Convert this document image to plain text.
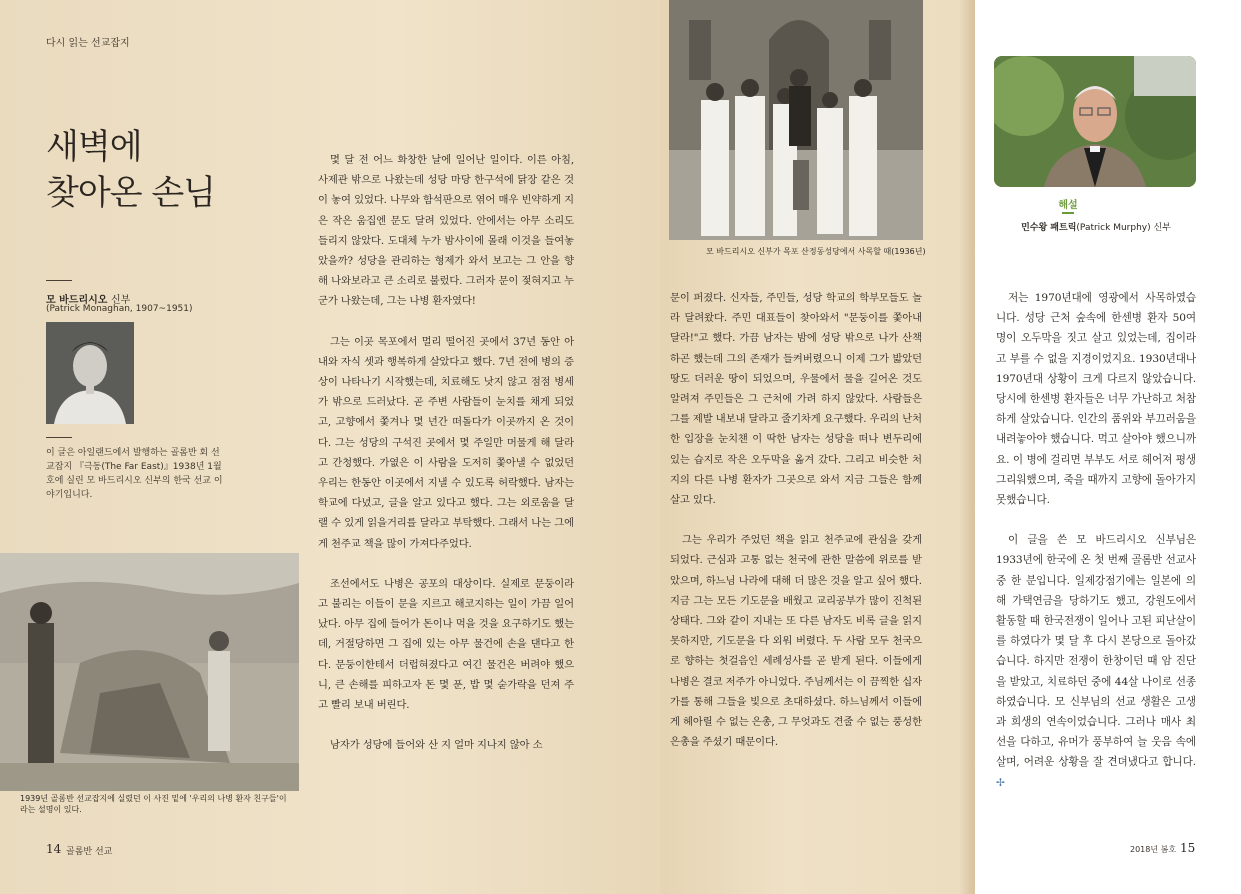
다시 읽는 선교잡지
새벽에
찾아온 손님
모 바드리시오 신부
(Patrick Monaghan, 1907~1951)
이 글은 아일랜드에서 발행하는 골롬반 회 선교잡지 『극동(The Far East)』1938년 1월호에 실린 모 바드리시오 신부의 한국 선교 이야기입니다.

몇 달 전 어느 화창한 날에 일어난 일이다. 이른 아침, 사제관 밖으로 나왔는데 성당 마당 한구석에 닭장 같은 것이 놓여 있었다. 나무와 함석판으로 엮어 매우 빈약하게 지은 작은 움집엔 문도 달려 있었다. 안에서는 아무 소리도 들리지 않았다. 도대체 누가 밤사이에 몰래 이것을 들여놓았을까? 성당을 관리하는 형제가 와서 보고는 그 안을 향해 나와보라고 큰 소리로 불렀다. 그러자 문이 젖혀지고 누군가 나왔는데, 그는 나병 환자였다!

그는 이곳 목포에서 멀리 떨어진 곳에서 37년 동안 아내와 자식 셋과 행복하게 살았다고 했다. 7년 전에 병의 증상이 나타나기 시작했는데, 치료해도 낫지 않고 점점 병세가 밖으로 드러났다. 곧 주변 사람들이 눈치를 채게 되었고, 고향에서 쫓겨나 몇 년간 떠돌다가 이곳까지 온 것이다. 그는 성당의 구석진 곳에서 몇 주일만 머물게 해 달라고 간청했다. 가엾은 이 사람을 도저히 쫓아낼 수 없었던 우리는 한동안 이곳에서 지낼 수 있도록 허락했다. 남자는 학교에 다녔고, 글을 알고 있다고 했다. 그는 외로움을 달랠 수 있게 읽을거리를 달라고 부탁했다. 그래서 나는 그에게 천주교 책을 많이 가져다주었다.

조선에서도 나병은 공포의 대상이다. 실제로 문둥이라고 불리는 이들이 문을 지르고 해코지하는 일이 가끔 일어났다. 아무 집에 들어가 돈이나 먹을 것을 요구하기도 했는데, 거절당하면 그 집에 있는 아무 물건에 손을 댄다고 한다. 문둥이한테서 더럽혀졌다고 여긴 물건은 버려야 했으니, 큰 손해를 피하고자 돈 몇 푼, 밥 몇 숟가락을 던져 주고 빨리 보내 버린다.

남자가 성당에 들어와 산 지 얼마 지나지 않아 소

1939년 골롬반 선교잡지에 실렸던 이 사진 밑에 '우리의 나병 환자 친구들'이라는 설명이 있다.
모 바드리시오 신부가 목포 산정동성당에서 사목할 때(1936년)

문이 퍼졌다. 신자들, 주민들, 성당 학교의 학부모들도 놀라 달려왔다. 주민 대표들이 찾아와서 "문둥이를 쫓아내 달라!"고 했다. 가끔 남자는 밤에 성당 밖으로 나가 산책하곤 했는데 그의 존재가 들켜버렸으니 이제 그가 밟았던 땅도 더러운 땅이 되었으며, 우물에서 물을 길어온 것도 알려져 주민들은 그 근처에 가려 하지 않았다. 사람들은 그를 제발 내보내 달라고 줄기차게 요구했다. 우리의 난처한 입장을 눈치챈 이 딱한 남자는 성당을 떠나 변두리에 있는 습지로 작은 오두막을 옮겨 갔다. 그리고 비슷한 처지의 다른 나병 환자가 그곳으로 와서 지금 그들은 함께 살고 있다.

그는 우리가 주었던 책을 읽고 천주교에 관심을 갖게 되었다. 근심과 고통 없는 천국에 관한 말씀에 위로를 받았으며, 하느님 나라에 대해 더 많은 것을 알고 싶어 했다. 지금 그는 모든 기도문을 배웠고 교리공부가 많이 진척된 상태다. 그와 같이 지내는 또 다른 남자도 비록 글을 읽지 못하지만, 기도문을 다 외워 버렸다. 두 사람 모두 천국으로 향하는 첫걸음인 세례성사를 곧 받게 된다. 이들에게 나병은 결코 저주가 아니었다. 주님께서는 이 끔찍한 십자가를 통해 그들을 빛으로 초대하셨다. 하느님께서 이들에게 헤아릴 수 없는 은총, 그 무엇과도 견줄 수 없는 풍성한 은총을 주셨기 때문이다.

해설
민수왕 패트릭(Patrick Murphy) 신부

저는 1970년대에 영광에서 사목하였습니다. 성당 근처 숲속에 한센병 환자 50여 명이 오두막을 짓고 살고 있었는데, 집이라고 부를 수 없을 지경이었지요. 1930년대나 1970년대 상황이 크게 다르지 않았습니다. 당시에 한센병 환자들은 너무 가난하고 처참하게 살았습니다. 인간의 품위와 부끄러움을 내려놓아야 했습니다. 먹고 살아야 했으니까요. 이 병에 걸리면 부부도 서로 헤어져 평생 그리워했으며, 죽을 때까지 고향에 돌아가지 못했습니다.

이 글을 쓴 모 바드리시오 신부님은 1933년에 한국에 온 첫 번째 골롬반 선교사 중 한 분입니다. 일제강점기에는 일본에 의해 가택연금을 당하기도 했고, 강원도에서 활동할 때 한국전쟁이 일어나 고된 피난살이를 하였다가 몇 달 후 다시 본당으로 돌아갔습니다. 하지만 전쟁이 한창이던 때 암 진단을 받았고, 치료하던 중에 44살 나이로 선종하였습니다. 모 신부님의 선교 생활은 고생과 희생의 연속이었습니다. 그러나 매사 최선을 다하고, 유머가 풍부하여 늘 웃음 속에 살며, 어려운 상황을 잘 견뎌냈다고 합니다. ✢

14 골롬반 선교	2018년 봄호 15
